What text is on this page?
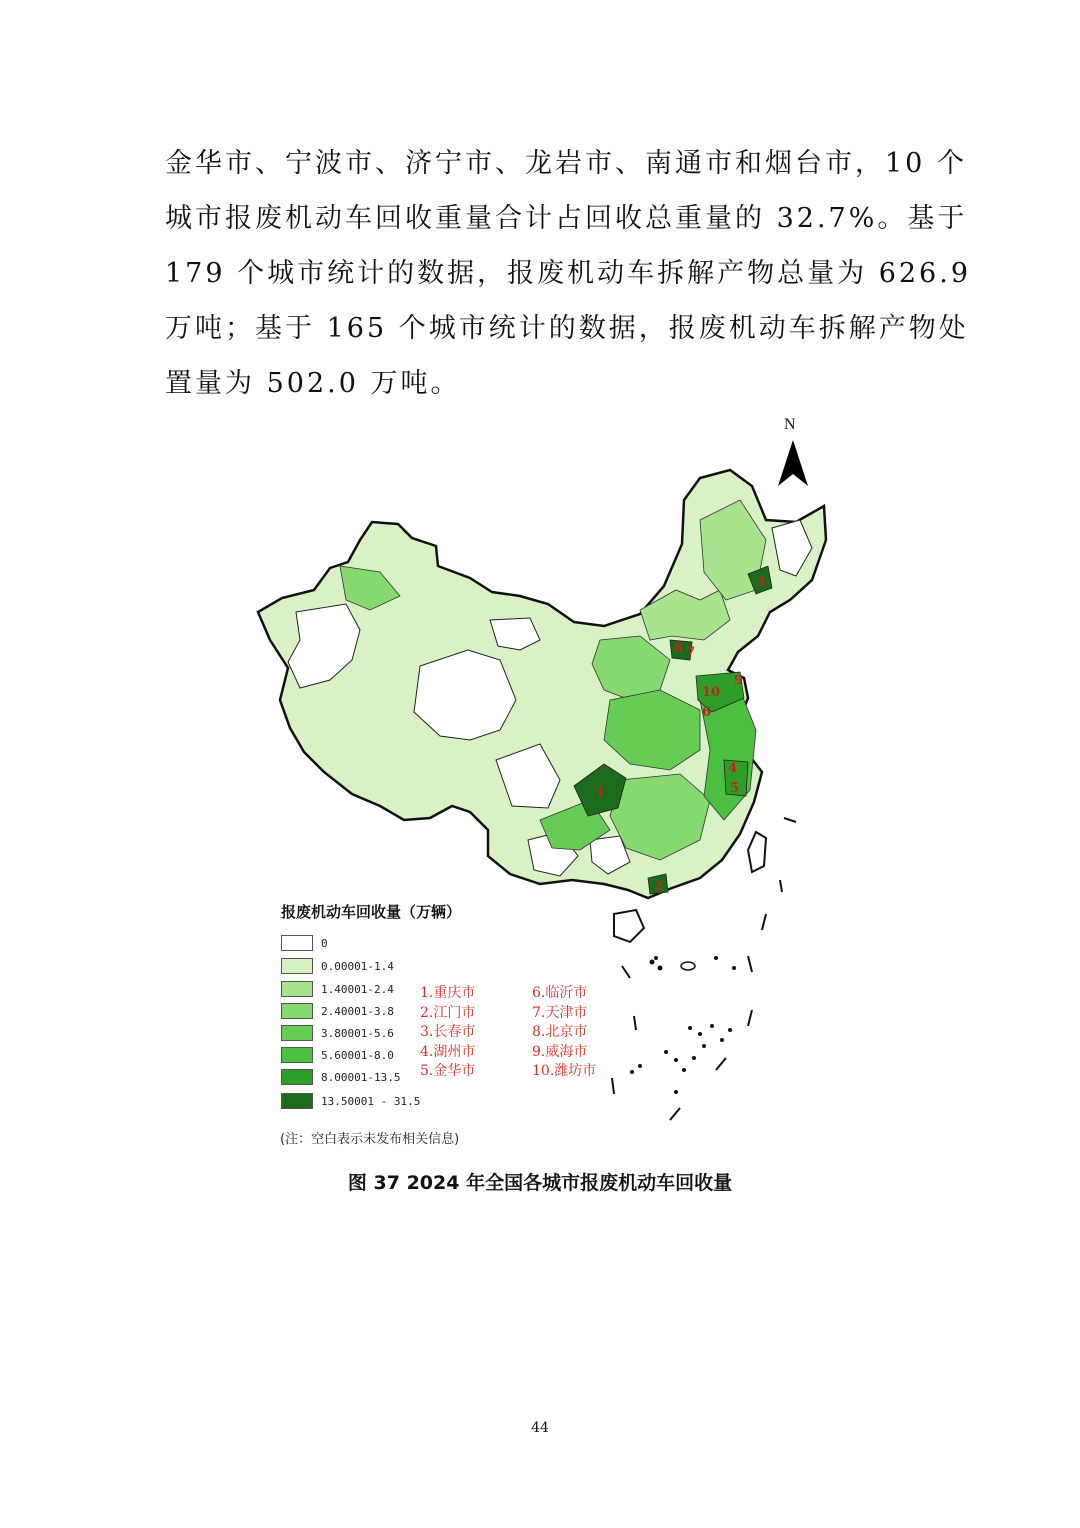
金华市、宁波市、济宁市、龙岩市、南通市和烟台市，10 个
城市报废机动车回收重量合计占回收总重量的 32.7%。基于
179 个城市统计的数据，报废机动车拆解产物总量为 626.9
万吨；基于 165 个城市统计的数据，报废机动车拆解产物处
置量为 502.0 万吨。
N
1
2
3
4
5
6
7
8
9
10
报废机动车回收量（万辆）
0
0.00001-1.4
1.40001-2.4
2.40001-3.8
3.80001-5.6
5.60001-8.0
8.00001-13.5
13.50001 - 31.5
1.重庆市
2.江门市
3.长春市
4.湖州市
5.金华市
6.临沂市
7.天津市
8.北京市
9.威海市
10.潍坊市
(注：空白表示未发布相关信息)
图 37 2024 年全国各城市报废机动车回收量
44
